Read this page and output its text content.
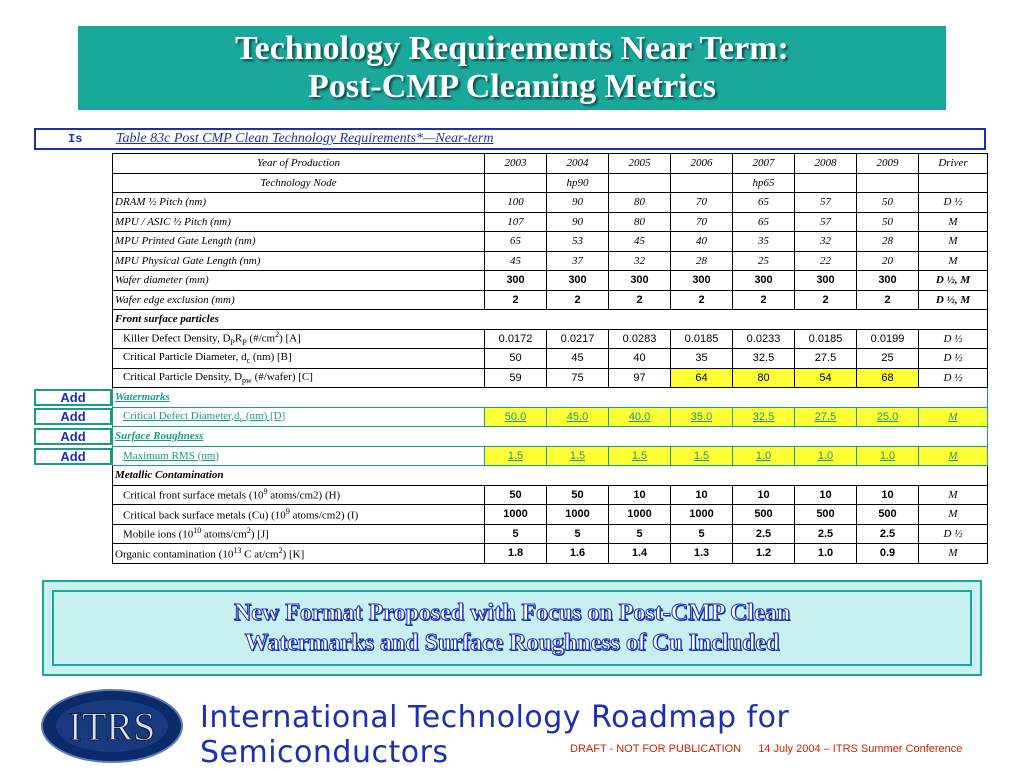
Technology Requirements Near Term:
Post-CMP Cleaning Metrics
Is Table 83c Post CMP Clean Technology Requirements*—Near-term
Year of Production	2003	2004	2005	2006	2007	2008	2009	Driver
Technology Node		hp90			hp65			
DRAM ½ Pitch (nm)	100	90	80	70	65	57	50	D ½
MPU / ASIC ½ Pitch (nm)	107	90	80	70	65	57	50	M
MPU Printed Gate Length (nm)	65	53	45	40	35	32	28	M
MPU Physical Gate Length (nm)	45	37	32	28	25	22	20	M
Wafer diameter (mm)	300	300	300	300	300	300	300	D ½, M
Wafer edge exclusion (mm)	2	2	2	2	2	2	2	D ½, M
Front surface particles								
Killer Defect Density, $D_PR_P$ $(\#/cm^2)$ [A]	0.0172	0.0217	0.0283	0.0185	0.0233	0.0185	0.0199	D ½
Critical Particle Diameter, $d_c$ (nm) [B]	50	45	40	35	32.5	27.5	25	D ½
Critical Particle Density, $D_{pw}$ (#/wafer) [C]	59	75	97	64	80	54	68	D ½
Watermarks								
Critical Defect $Diameter,d_c$ (nm) [D]	50.0	45.0	40.0	35.0	32.5	27.5	25.0	M
Surface Roughness								
Maximum RMS (nm)	1.5	1.5	1.5	1.5	1.0	1.0	1.0	M
Metallic Contamination								
Critical front surface metals ($10^9$ atoms/cm2) (H)	50	50	10	10	10	10	10	M
Critical back surface metals (Cu) ($10^9$ atoms/cm2) (I)	1000	1000	1000	1000	500	500	500	M
Mobile ions ($10^{10}$ atoms/$cm^2$) [J]	5	5	5	5	2.5	2.5	2.5	D ½
Organic contamination ($10^{13}$ C $at/cm^2$) [K]	1.8	1.6	1.4	1.3	1.2	1.0	0.9	M
Add
Add
Add
Add
New Format Proposed with Focus on Post-CMP Clean
Watermarks and Surface Roughness of Cu Included
ITRS International Technology Roadmap for Semiconductors	DRAFT - NOT FOR PUBLICATION 14 July 2004 – ITRS Summer Conference
